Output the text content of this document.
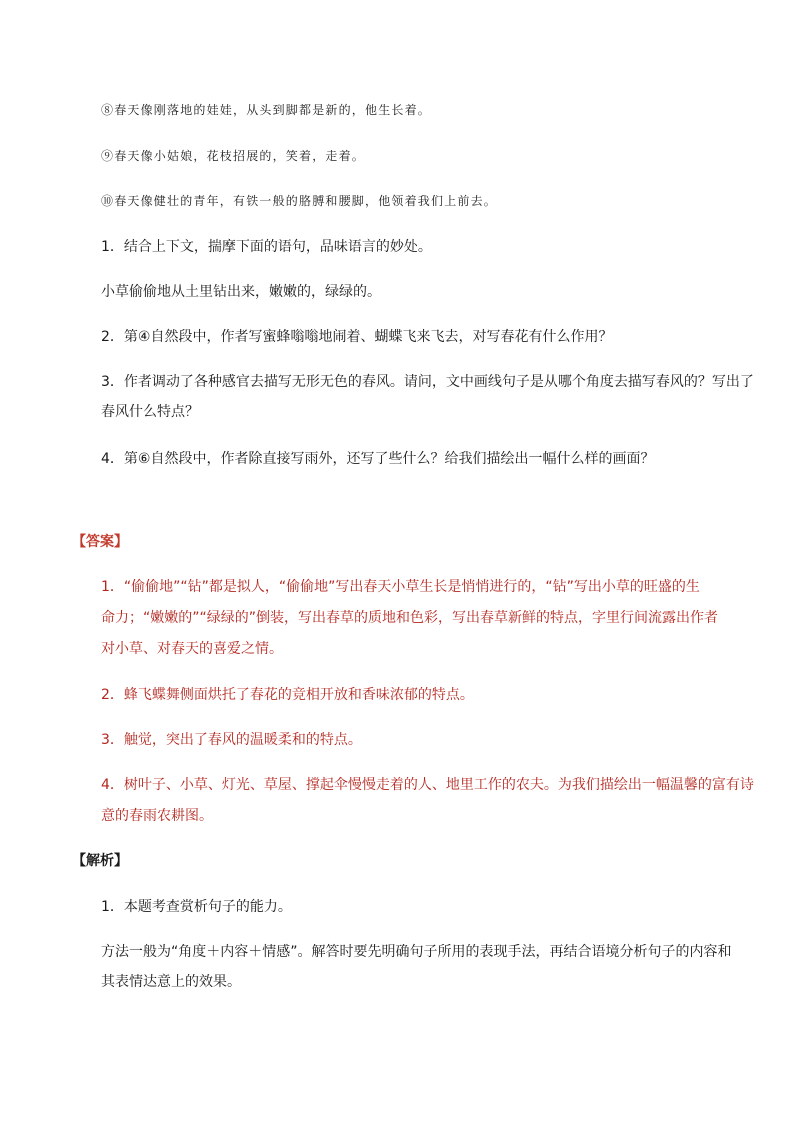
⑧春天像刚落地的娃娃，从头到脚都是新的，他生长着。
⑨春天像小姑娘，花枝招展的，笑着，走着。
⑩春天像健壮的青年，有铁一般的胳膊和腰脚，他领着我们上前去。
1．结合上下文，揣摩下面的语句，品味语言的妙处。
小草偷偷地从土里钻出来，嫩嫩的，绿绿的。
2．第④自然段中，作者写蜜蜂嗡嗡地闹着、蝴蝶飞来飞去，对写春花有什么作用？
3．作者调动了各种感官去描写无形无色的春风。请问，文中画线句子是从哪个角度去描写春风的？写出了
春风什么特点？
4．第⑥自然段中，作者除直接写雨外，还写了些什么？给我们描绘出一幅什么样的画面？
【答案】
1．“偷偷地”“钻”都是拟人，“偷偷地”写出春天小草生长是悄悄进行的，“钻”写出小草的旺盛的生
命力；“嫩嫩的”“绿绿的”倒装，写出春草的质地和色彩，写出春草新鲜的特点，字里行间流露出作者
对小草、对春天的喜爱之情。
2．蜂飞蝶舞侧面烘托了春花的竞相开放和香味浓郁的特点。
3．触觉，突出了春风的温暖柔和的特点。
4．树叶子、小草、灯光、草屋、撑起伞慢慢走着的人、地里工作的农夫。为我们描绘出一幅温馨的富有诗
意的春雨农耕图。
【解析】
1．本题考查赏析句子的能力。
方法一般为“角度＋内容＋情感”。解答时要先明确句子所用的表现手法，再结合语境分析句子的内容和
其表情达意上的效果。
